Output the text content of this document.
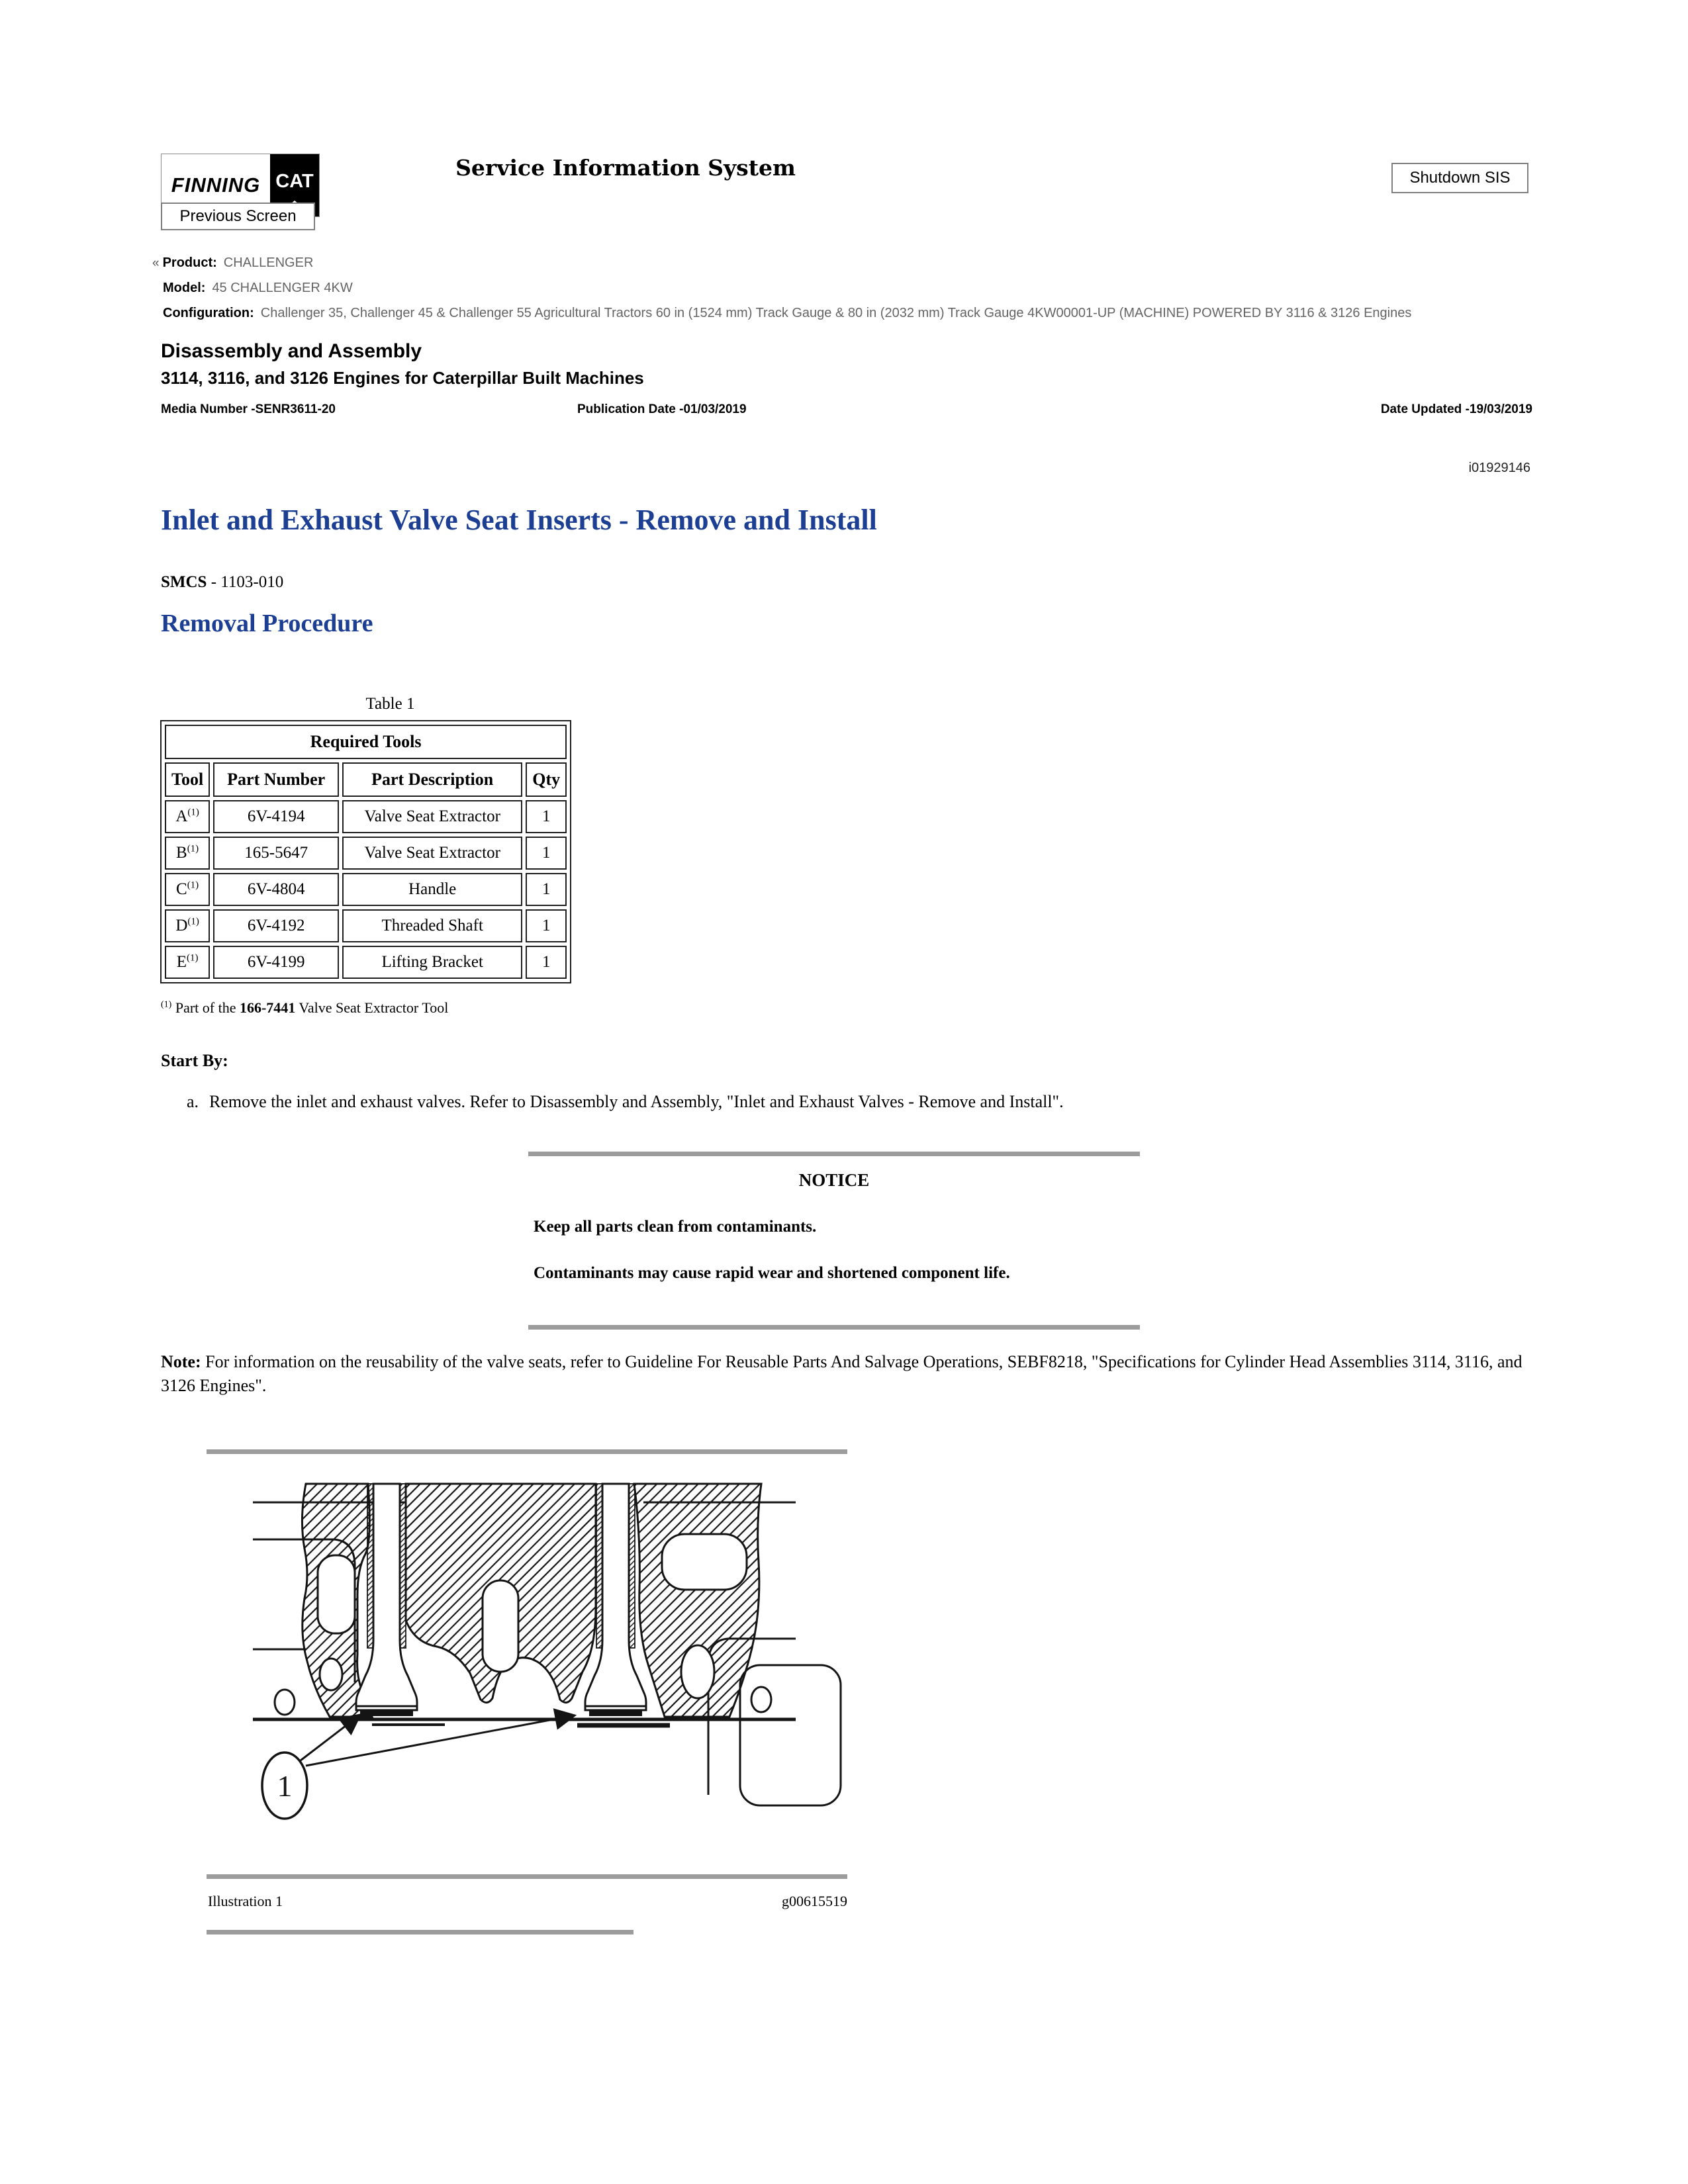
FINNING CAT
Service Information System	Shutdown SIS
Previous Screen
« Product: CHALLENGER
Model: 45 CHALLENGER 4KW
Configuration: Challenger 35, Challenger 45 & Challenger 55 Agricultural Tractors 60 in (1524 mm) Track Gauge & 80 in (2032 mm) Track Gauge 4KW00001-UP (MACHINE) POWERED BY 3116 & 3126 Engines
Disassembly and Assembly
3114, 3116, and 3126 Engines for Caterpillar Built Machines
Media Number -SENR3611-20	Publication Date -01/03/2019	Date Updated -19/03/2019
i01929146
Inlet and Exhaust Valve Seat Inserts - Remove and Install
SMCS - 1103-010
Removal Procedure
Table 1
Required Tools			
Tool	Part Number	Part Description	Qty
A$^{(1)}$	6V-4194	Valve Seat Extractor	1
B$^{(1)}$	165-5647	Valve Seat Extractor	1
C$^{(1)}$	6V-4804	Handle	1
D$^{(1)}$	6V-4192	Threaded Shaft	1
E$^{(1)}$	6V-4199	Lifting Bracket	1
$^{(1)}$ Part of the 166-7441 Valve Seat Extractor Tool
Start By:
a. Remove the inlet and exhaust valves. Refer to Disassembly and Assembly, "Inlet and Exhaust Valves - Remove and Install".
NOTICE
Keep all parts clean from contaminants.
Contaminants may cause rapid wear and shortened component life.
Note: For information on the reusability of the valve seats, refer to Guideline For Reusable Parts And Salvage Operations, SEBF8218, "Specifications for Cylinder Head Assemblies 3114, 3116, and 3126 Engines".
1
Illustration 1	g00615519
